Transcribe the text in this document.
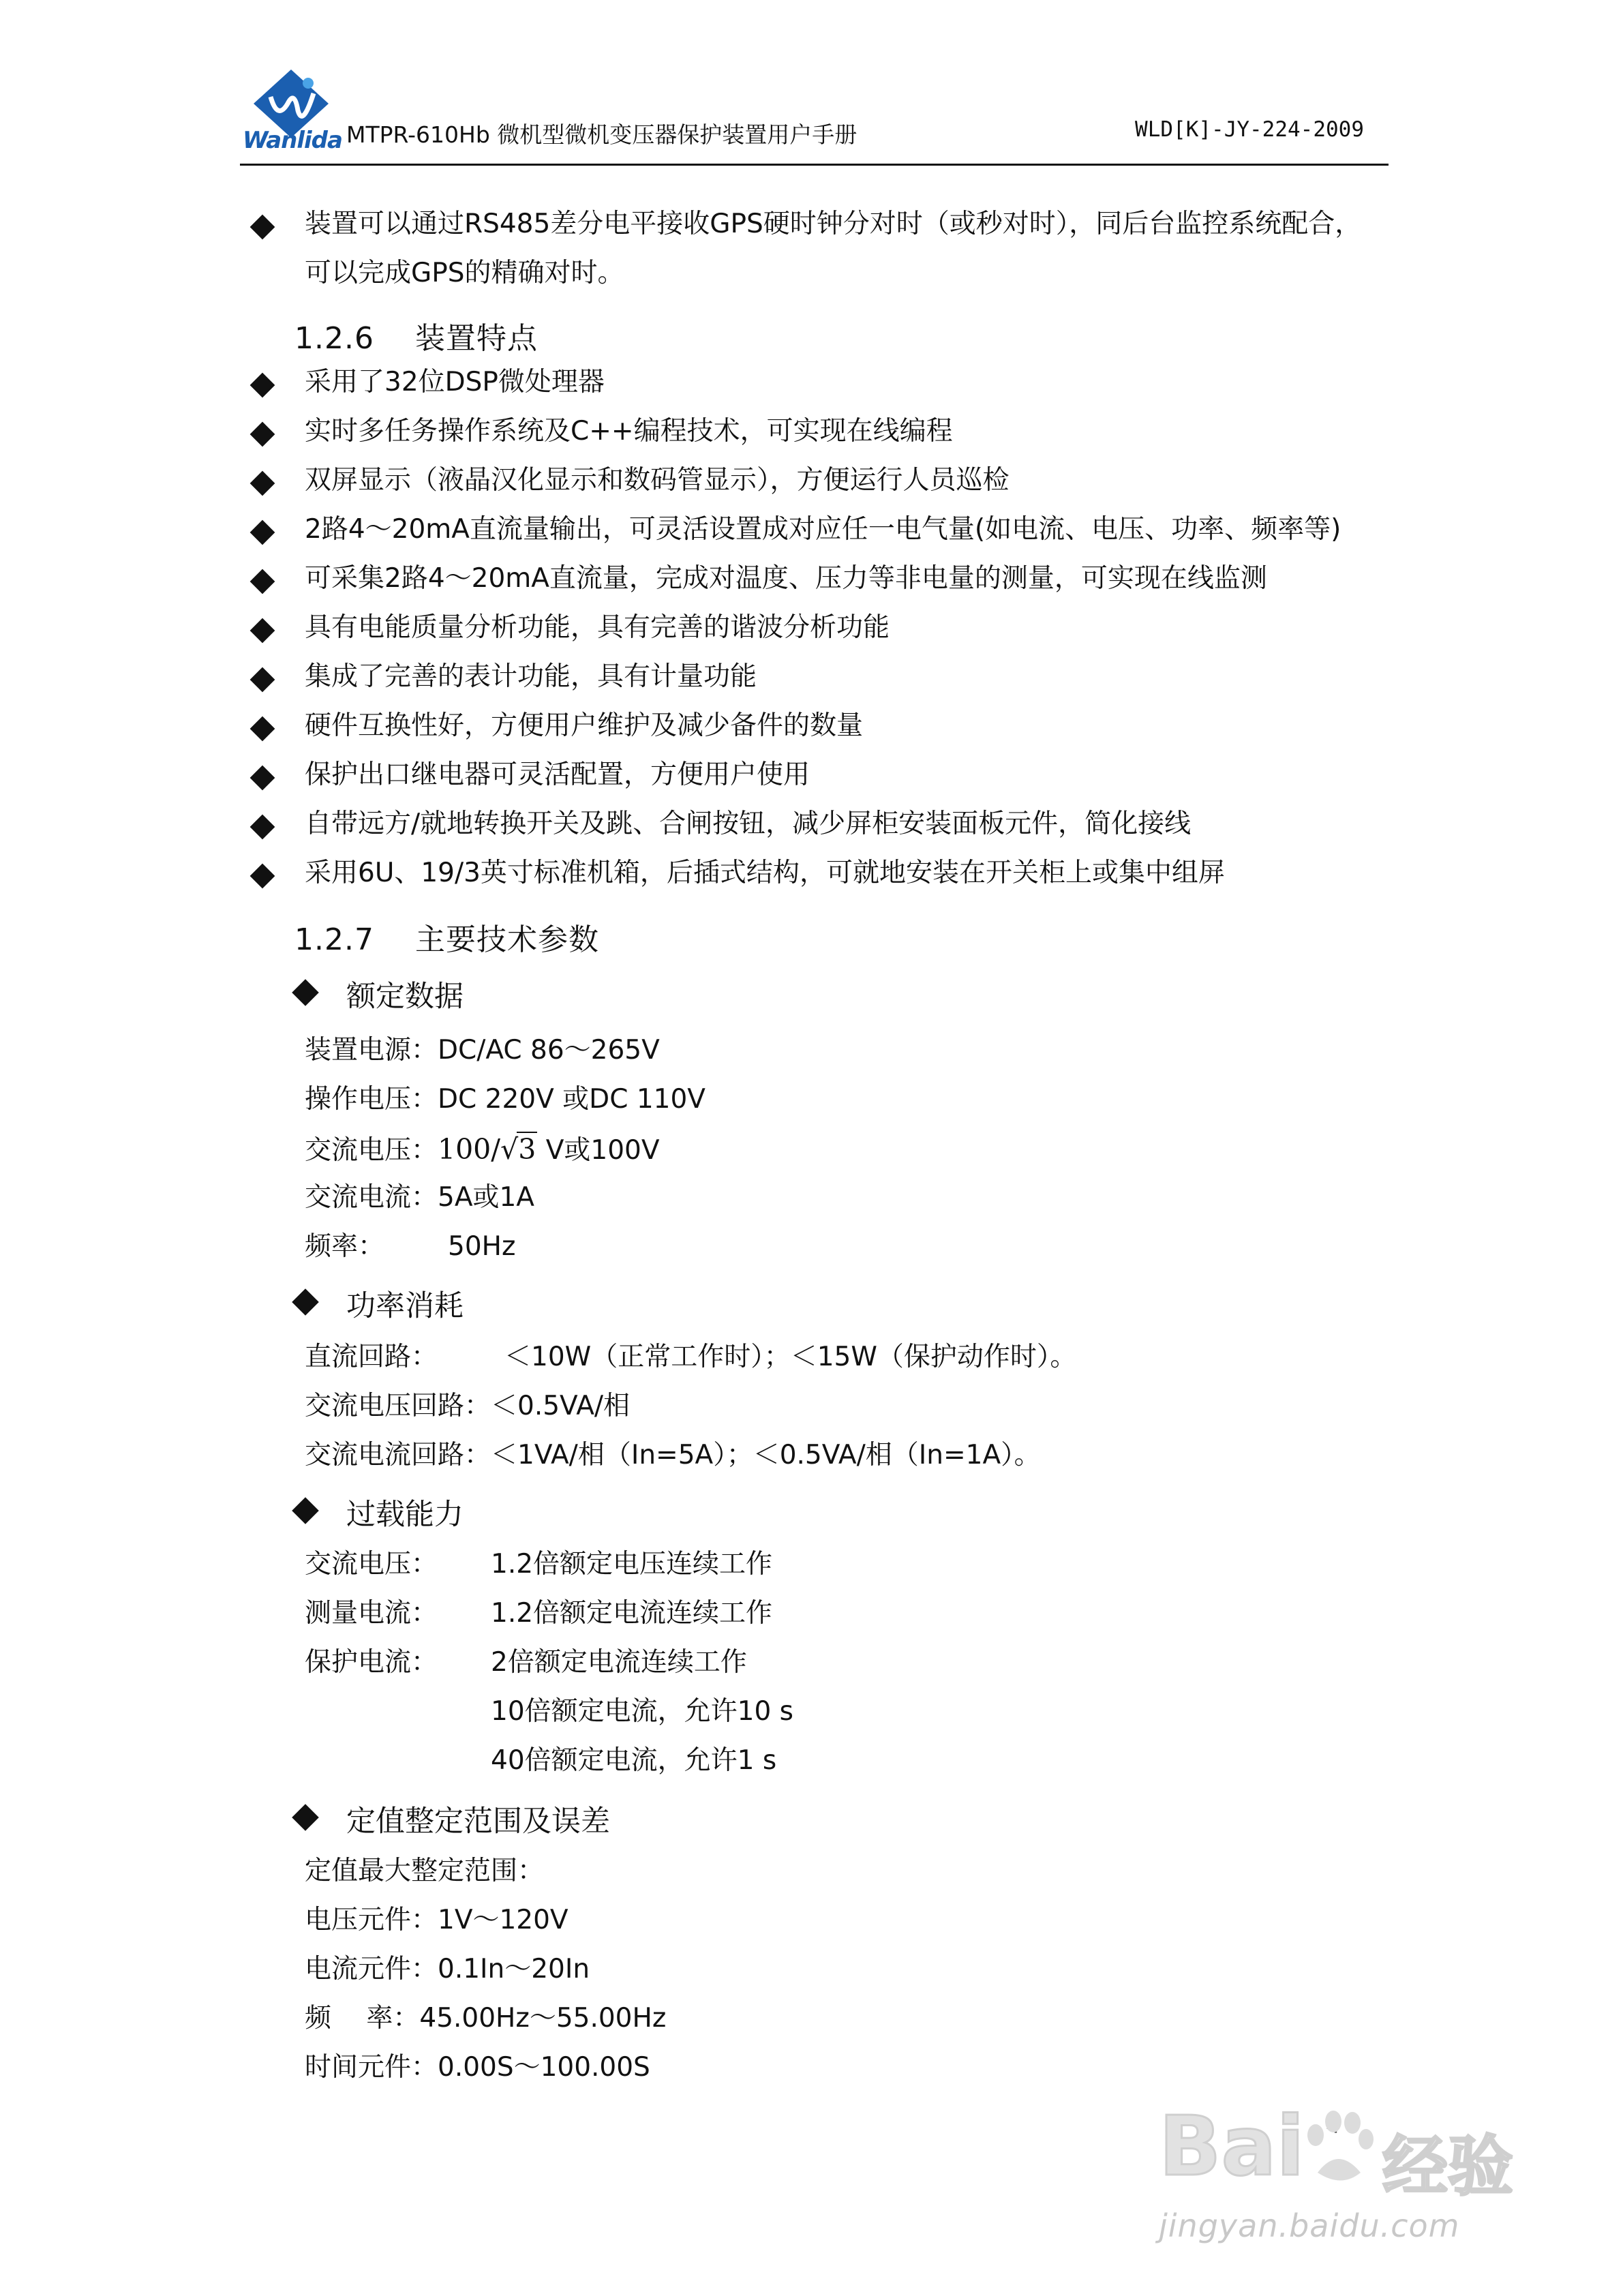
Wanlida MTPR-610Hb 微机型微机变压器保护装置用户手册	WLD[K]-JY-224-2009
装置可以通过RS485差分电平接收GPS硬时钟分对时（或秒对时），同后台监控系统配合，
可以完成GPS的精确对时。
1.2.6　 装置特点
采用了32位DSP微处理器
实时多任务操作系统及C++编程技术，可实现在线编程
双屏显示（液晶汉化显示和数码管显示），方便运行人员巡检
2路4～20mA直流量输出，可灵活设置成对应任一电气量(如电流、电压、功率、频率等)
可采集2路4～20mA直流量，完成对温度、压力等非电量的测量，可实现在线监测
具有电能质量分析功能，具有完善的谐波分析功能
集成了完善的表计功能，具有计量功能
硬件互换性好，方便用户维护及减少备件的数量
保护出口继电器可灵活配置，方便用户使用
自带远方/就地转换开关及跳、合闸按钮，减少屏柜安装面板元件，简化接线
采用6U、19/3英寸标准机箱，后插式结构，可就地安装在开关柜上或集中组屏
1.2.7　 主要技术参数
额定数据
装置电源：DC/AC 86～265V
操作电压：DC 220V 或DC 110V
交流电压：100/√3 V或100V
交流电流：5A或1A
频率： 50Hz
功率消耗
直流回路：	＜10W（正常工作时）；＜15W（保护动作时）。
交流电压回路：＜0.5VA/相
交流电流回路：＜1VA/相（In=5A）；＜0.5VA/相（In=1A）。
过载能力
交流电压： 1.2倍额定电压连续工作
测量电流： 1.2倍额定电流连续工作
保护电流： 2倍额定电流连续工作
10倍额定电流，允许10 s
40倍额定电流，允许1 s
定值整定范围及误差
定值最大整定范围：
电压元件：1V～120V
电流元件：0.1In～20In
频　 率：45.00Hz～55.00Hz
时间元件：0.00S～100.00S
Bai 经验
jingyan.baidu.com
